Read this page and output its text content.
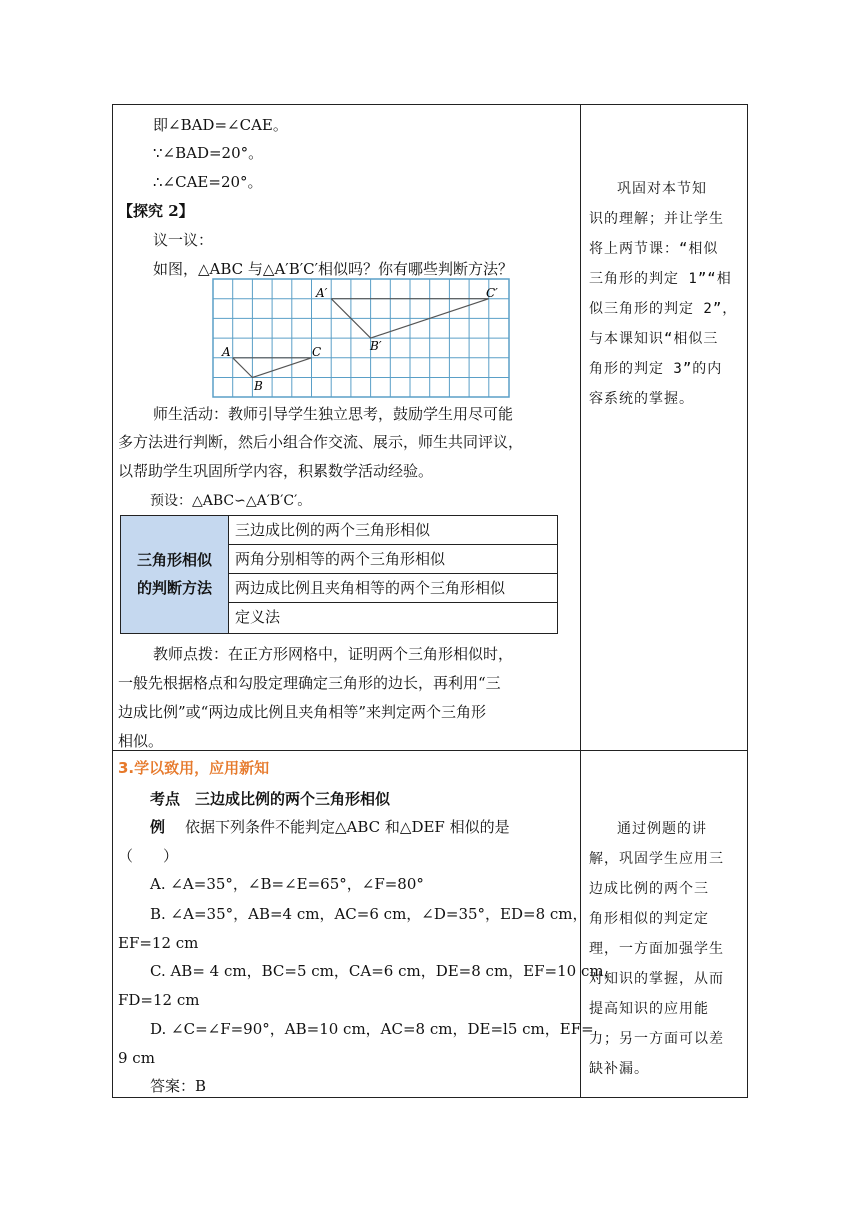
即∠BAD=∠CAE。
∵∠BAD=20°。
∴∠CAE=20°。
【探究 2】
议一议：
如图，△ABC 与△A′B′C′相似吗？你有哪些判断方法？
A′	C′
B′
A	C
B
师生活动：教师引导学生独立思考，鼓励学生用尽可能
多方法进行判断，然后小组合作交流、展示，师生共同评议，
以帮助学生巩固所学内容，积累数学活动经验。
预设：△ABC∽△A′B′C′。
三角形相似
的判断方法
三边成比例的两个三角形相似
两角分别相等的两个三角形相似
两边成比例且夹角相等的两个三角形相似
定义法
教师点拨：在正方形网格中，证明两个三角形相似时，
一般先根据格点和勾股定理确定三角形的边长，再利用“三
边成比例”或“两边成比例且夹角相等”来判定两个三角形
相似。
巩固对本节知
识的理解；并让学生
将上两节课：“相似
三角形的判定 1”“相
似三角形的判定 2”，
与本课知识“相似三
角形的判定 3”的内
容系统的掌握。
3.学以致用，应用新知
考点　三边成比例的两个三角形相似
例 依据下列条件不能判定△ABC 和△DEF 相似的是
（　　）
A. ∠A=35°，∠B=∠E=65°，∠F=80°
B. ∠A=35°，AB=4 cm，AC=6 cm，∠D=35°，ED=8 cm，
EF=12 cm
C. AB= 4 cm，BC=5 cm，CA=6 cm，DE=8 cm，EF=10 cm，
FD=12 cm
D. ∠C=∠F=90°，AB=10 cm，AC=8 cm，DE=l5 cm，EF=
9 cm
答案：B
通过例题的讲
解，巩固学生应用三
边成比例的两个三
角形相似的判定定
理，一方面加强学生
对知识的掌握，从而
提高知识的应用能
力；另一方面可以差
缺补漏。
